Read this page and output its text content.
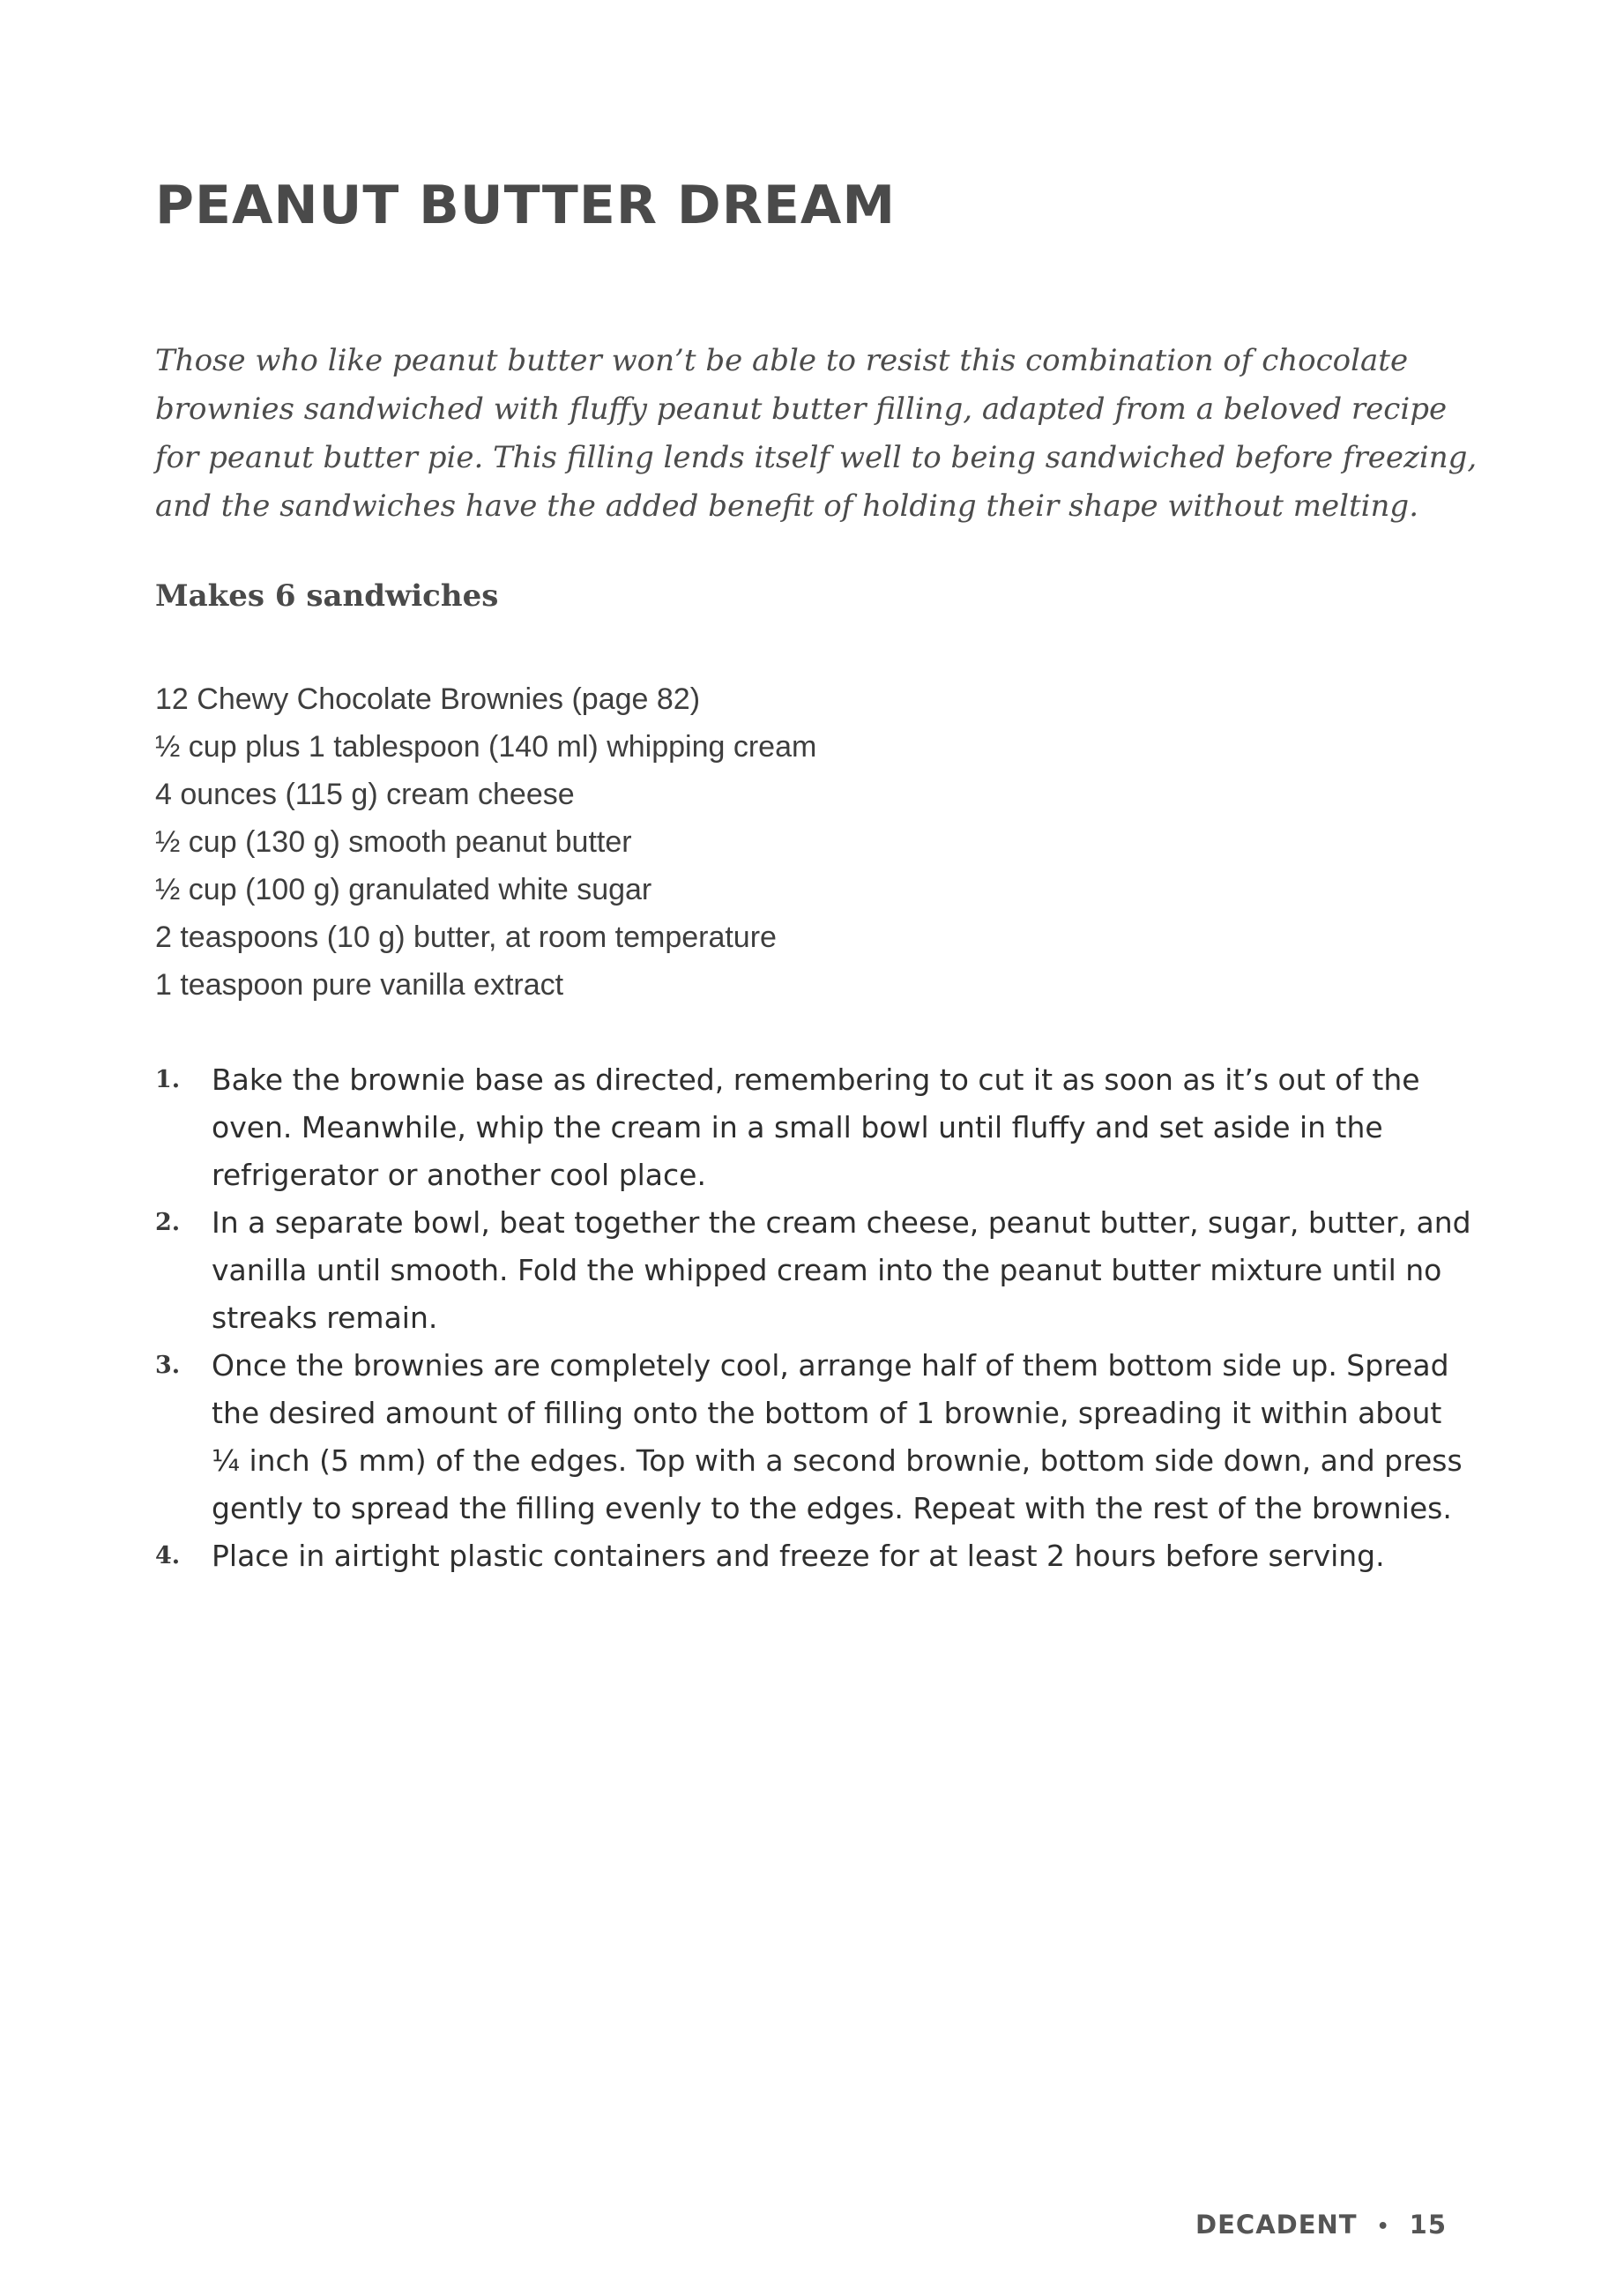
PEANUT BUTTER DREAM

Those who like peanut butter won’t be able to resist this combination of chocolate brownies sandwiched with fluffy peanut butter filling, adapted from a beloved recipe for peanut butter pie. This filling lends itself well to being sandwiched before freezing, and the sandwiches have the added benefit of holding their shape without melting.

Makes 6 sandwiches

12 Chewy Chocolate Brownies (page 82)
½ cup plus 1 tablespoon (140 ml) whipping cream
4 ounces (115 g) cream cheese
½ cup (130 g) smooth peanut butter
½ cup (100 g) granulated white sugar
2 teaspoons (10 g) butter, at room temperature
1 teaspoon pure vanilla extract
1. Bake the brownie base as directed, remembering to cut it as soon as it’s out of the oven. Meanwhile, whip the cream in a small bowl until fluffy and set aside in the refrigerator or another cool place.
2. In a separate bowl, beat together the cream cheese, peanut butter, sugar, butter, and vanilla until smooth. Fold the whipped cream into the peanut butter mixture until no streaks remain.
3. Once the brownies are completely cool, arrange half of them bottom side up. Spread the desired amount of filling onto the bottom of 1 brownie, spreading it within about ¼ inch (5 mm) of the edges. Top with a second brownie, bottom side down, and press gently to spread the filling evenly to the edges. Repeat with the rest of the brownies.
4. Place in airtight plastic containers and freeze for at least 2 hours before serving.
DECADENT • 15
